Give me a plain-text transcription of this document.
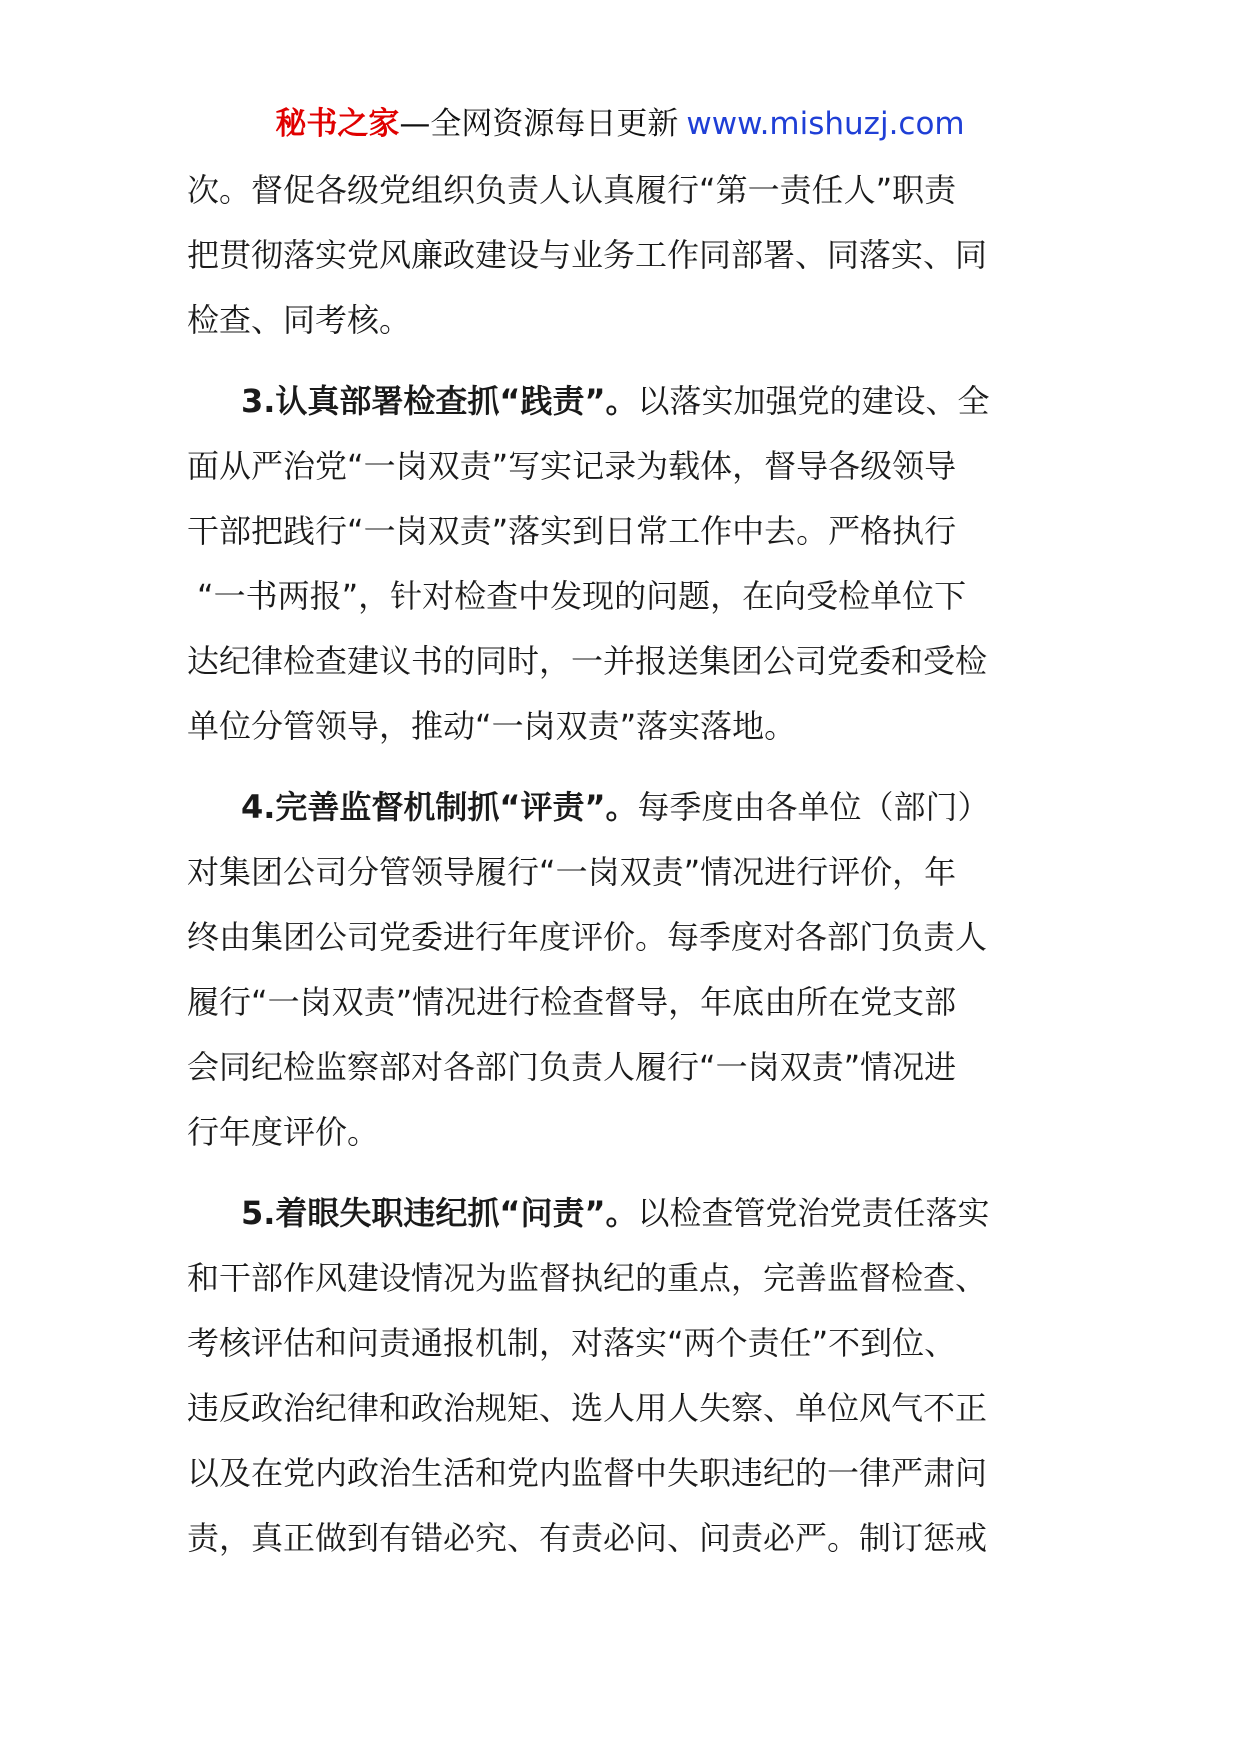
秘书之家—全网资源每日更新 www.mishuzj.com
次。督促各级党组织负责人认真履行“第一责任人”职责
把贯彻落实党风廉政建设与业务工作同部署、同落实、同
检查、同考核。
3.认真部署检查抓“践责”。以落实加强党的建设、全
面从严治党“一岗双责”写实记录为载体，督导各级领导
干部把践行“一岗双责”落实到日常工作中去。严格执行
“一书两报”，针对检查中发现的问题，在向受检单位下
达纪律检查建议书的同时，一并报送集团公司党委和受检
单位分管领导，推动“一岗双责”落实落地。
4.完善监督机制抓“评责”。每季度由各单位（部门）
对集团公司分管领导履行“一岗双责”情况进行评价，年
终由集团公司党委进行年度评价。每季度对各部门负责人
履行“一岗双责”情况进行检查督导，年底由所在党支部
会同纪检监察部对各部门负责人履行“一岗双责”情况进
行年度评价。
5.着眼失职违纪抓“问责”。以检查管党治党责任落实
和干部作风建设情况为监督执纪的重点，完善监督检查、
考核评估和问责通报机制，对落实“两个责任”不到位、
违反政治纪律和政治规矩、选人用人失察、单位风气不正
以及在党内政治生活和党内监督中失职违纪的一律严肃问
责，真正做到有错必究、有责必问、问责必严。制订惩戒
